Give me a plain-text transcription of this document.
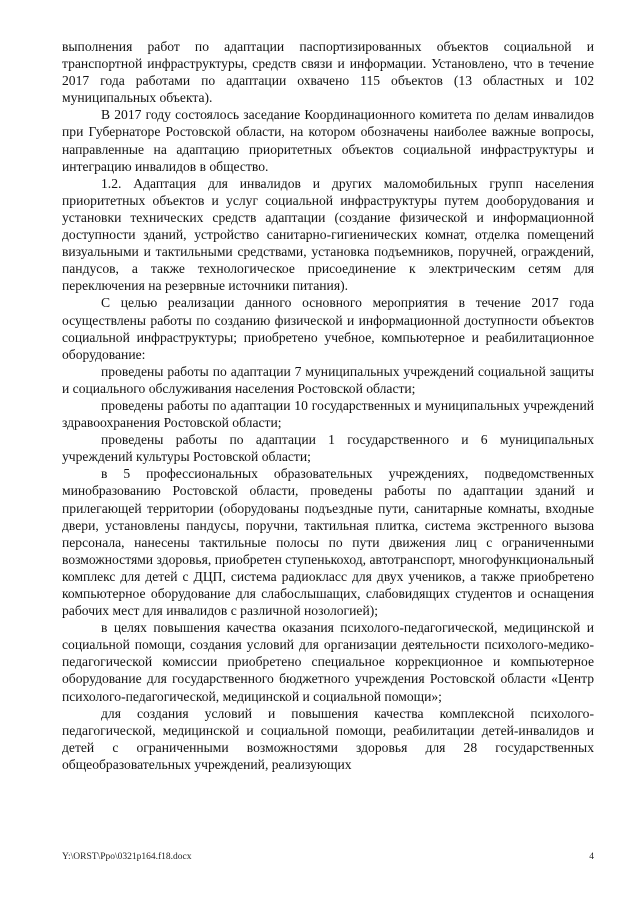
выполнения работ по адаптации паспортизированных объектов социальной и транспортной инфраструктуры, средств связи и информации. Установлено, что в течение 2017 года работами по адаптации охвачено 115 объектов (13 областных и 102 муниципальных объекта).

В 2017 году состоялось заседание Координационного комитета по делам инвалидов при Губернаторе Ростовской области, на котором обозначены наиболее важные вопросы, направленные на адаптацию приоритетных объектов социальной инфраструктуры и интеграцию инвалидов в общество.

1.2. Адаптация для инвалидов и других маломобильных групп населения приоритетных объектов и услуг социальной инфраструктуры путем дооборудования и установки технических средств адаптации (создание физической и информационной доступности зданий, устройство санитарно-гигиенических комнат, отделка помещений визуальными и тактильными средствами, установка подъемников, поручней, ограждений, пандусов, а также технологическое присоединение к электрическим сетям для переключения на резервные источники питания).

С целью реализации данного основного мероприятия в течение 2017 года осуществлены работы по созданию физической и информационной доступности объектов социальной инфраструктуры; приобретено учебное, компьютерное и реабилитационное оборудование:

проведены работы по адаптации 7 муниципальных учреждений социальной защиты и социального обслуживания населения Ростовской области;

проведены работы по адаптации 10 государственных и муниципальных учреждений здравоохранения Ростовской области;

проведены работы по адаптации 1 государственного и 6 муниципальных учреждений культуры Ростовской области;

в 5 профессиональных образовательных учреждениях, подведомственных минобразованию Ростовской области, проведены работы по адаптации зданий и прилегающей территории (оборудованы подъездные пути, санитарные комнаты, входные двери, установлены пандусы, поручни, тактильная плитка, система экстренного вызова персонала, нанесены тактильные полосы по пути движения лиц с ограниченными возможностями здоровья, приобретен ступенькоход, автотранспорт, многофункциональный комплекс для детей с ДЦП, система радиокласс для двух учеников, а также приобретено компьютерное оборудование для слабослышащих, слабовидящих студентов и оснащения рабочих мест для инвалидов с различной нозологией);

в целях повышения качества оказания психолого-педагогической, медицинской и социальной помощи, создания условий для организации деятельности психолого-медико-педагогической комиссии приобретено специальное коррекционное и компьютерное оборудование для государственного бюджетного учреждения Ростовской области «Центр психолого-педагогической, медицинской и социальной помощи»;

для создания условий и повышения качества комплексной психолого-педагогической, медицинской и социальной помощи, реабилитации детей-инвалидов и детей с ограниченными возможностями здоровья для 28 государственных общеобразовательных учреждений, реализующих

Y:\ORST\Ppo\0321p164.f18.docx	4
